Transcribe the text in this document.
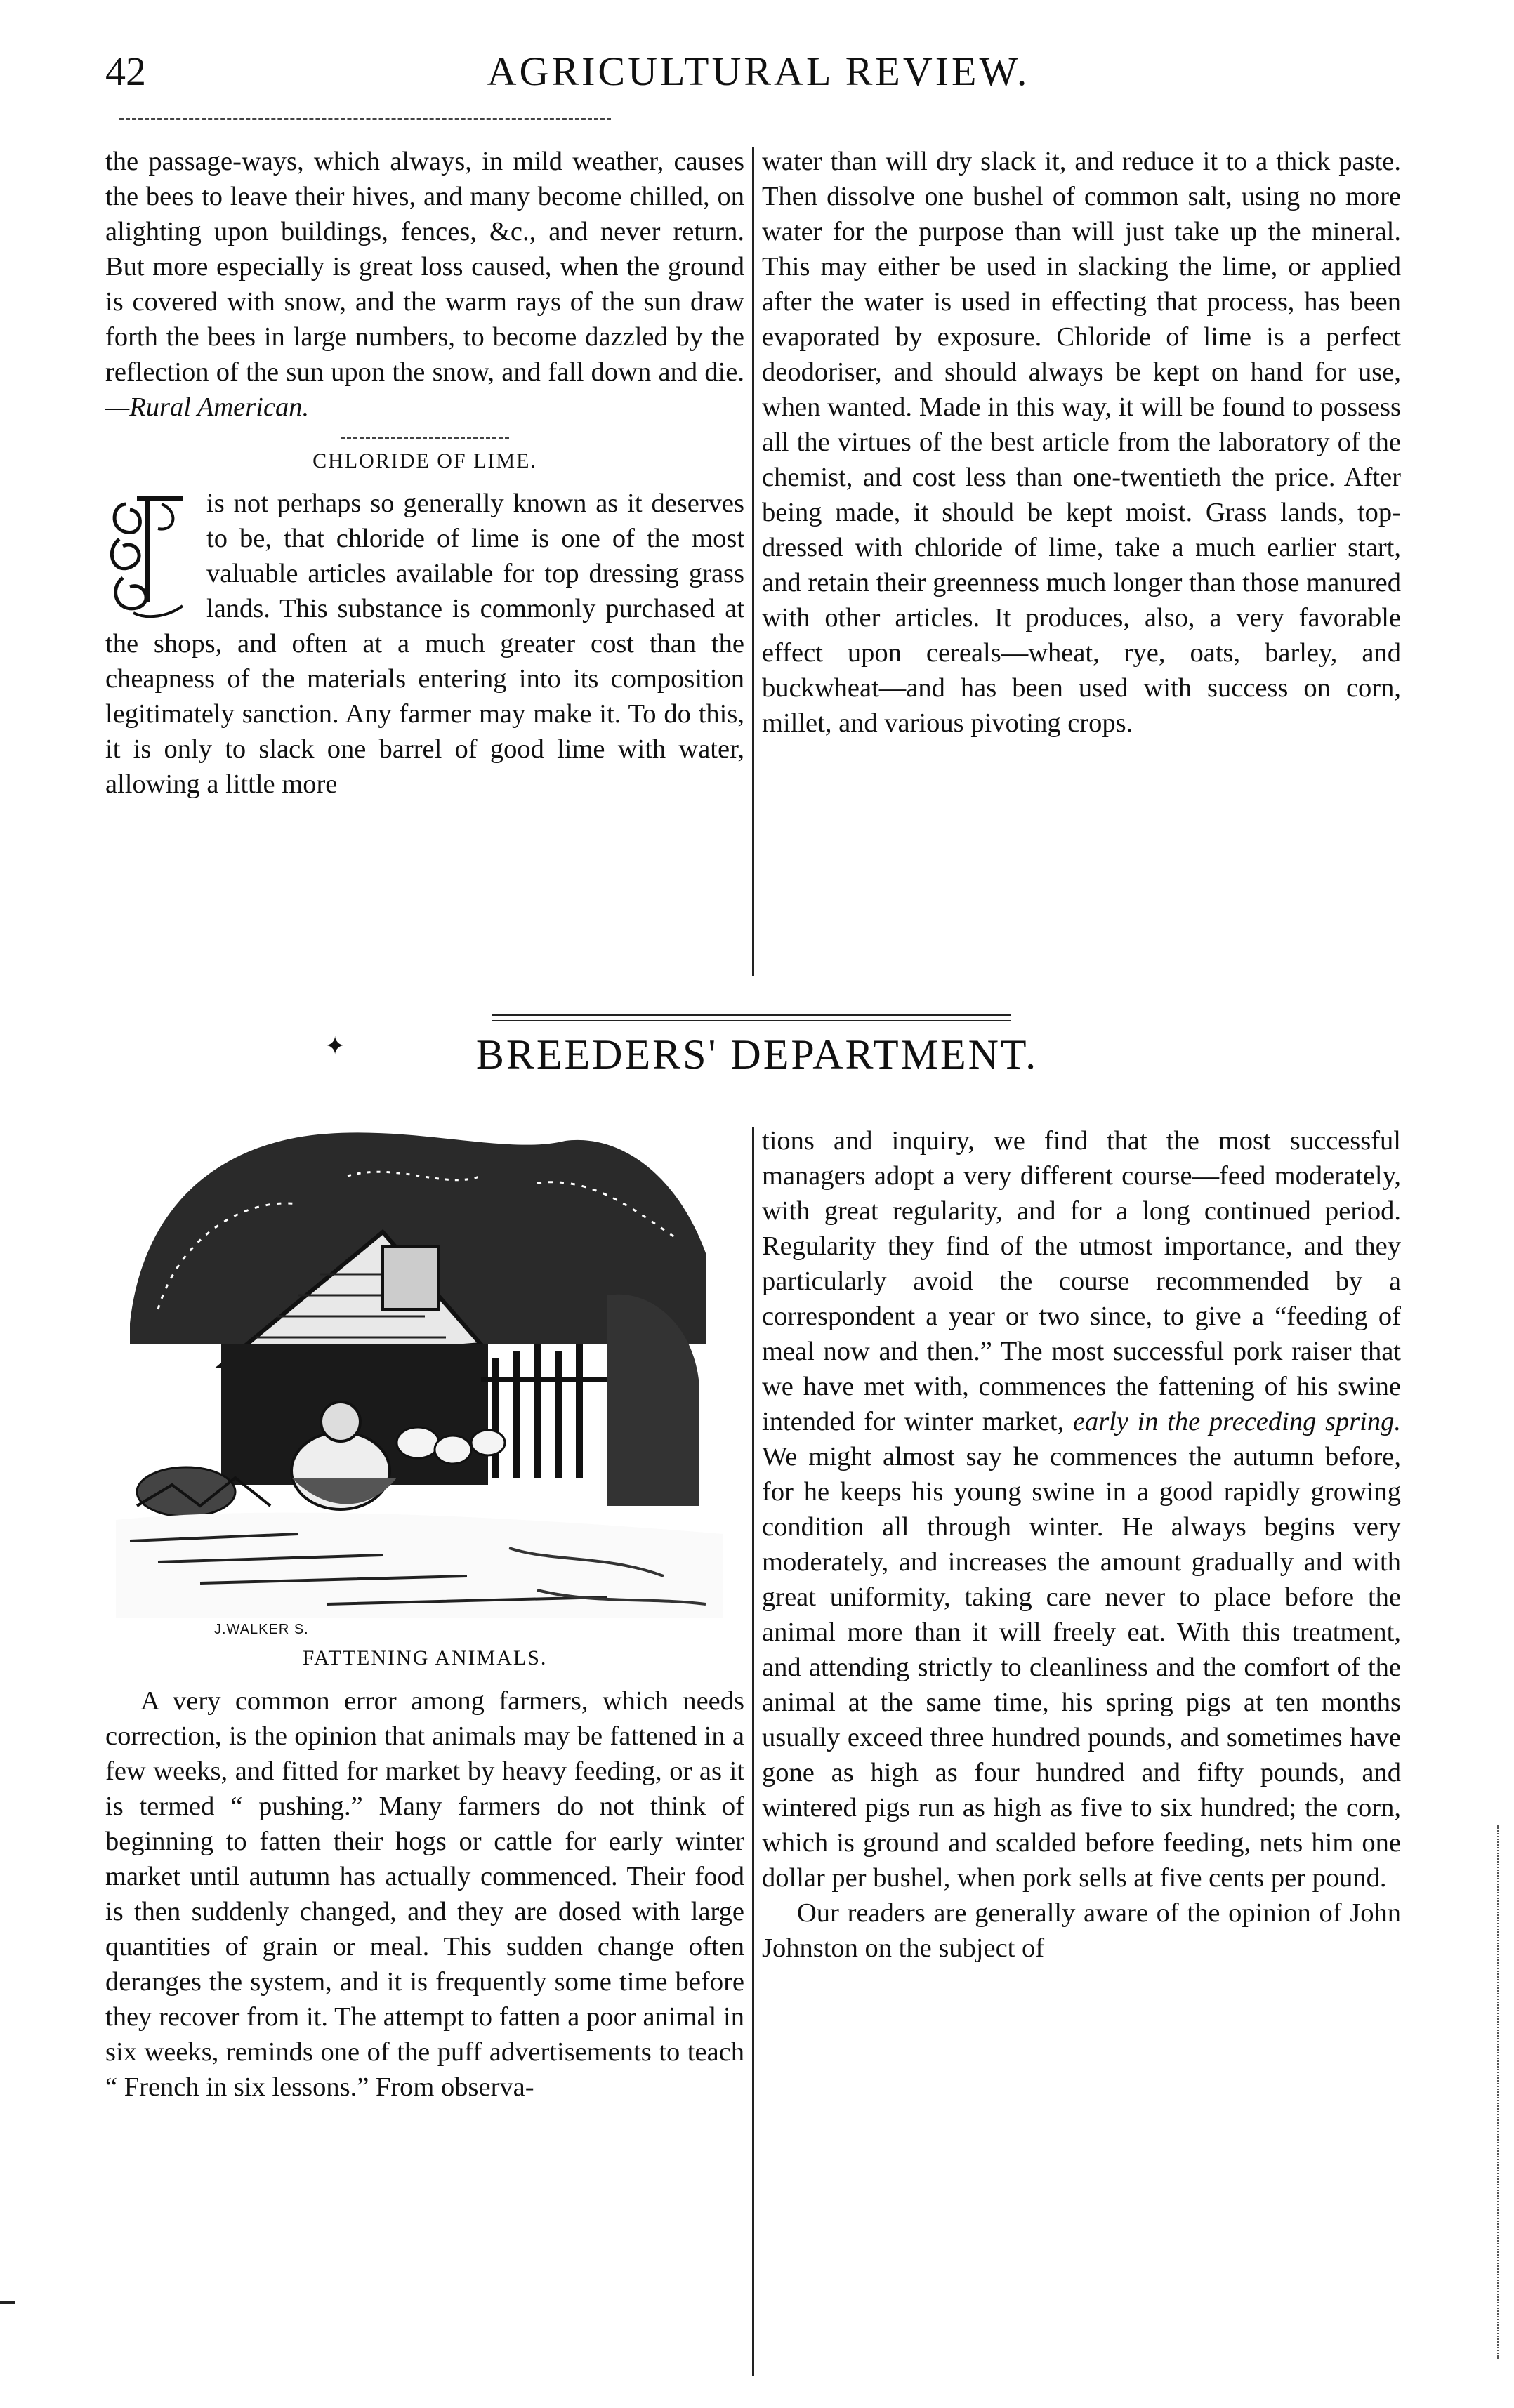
42	AGRICULTURAL REVIEW.

the passage-ways, which always, in mild weather, causes the bees to leave their hives, and many become chilled, on alighting upon buildings, fences, &c., and never return. But more especially is great loss caused, when the ground is covered with snow, and the warm rays of the sun draw forth the bees in large numbers, to become dazzled by the reflection of the sun upon the snow, and fall down and die.—Rural American.

CHLORIDE OF LIME.

is not perhaps so generally known as it deserves to be, that chloride of lime is one of the most valuable articles available for top dressing grass lands. This substance is commonly purchased at the shops, and often at a much greater cost than the cheapness of the materials entering into its composition legitimately sanction. Any farmer may make it. To do this, it is only to slack one barrel of good lime with water, allowing a little more

water than will dry slack it, and reduce it to a thick paste. Then dissolve one bushel of common salt, using no more water for the purpose than will just take up the mineral. This may either be used in slacking the lime, or applied after the water is used in effecting that process, has been evaporated by exposure. Chloride of lime is a perfect deodoriser, and should always be kept on hand for use, when wanted. Made in this way, it will be found to possess all the virtues of the best article from the laboratory of the chemist, and cost less than one-twentieth the price. After being made, it should be kept moist. Grass lands, top-dressed with chloride of lime, take a much earlier start, and retain their greenness much longer than those manured with other articles. It produces, also, a very favorable effect upon cereals—wheat, rye, oats, barley, and buckwheat—and has been used with success on corn, millet, and various pivoting crops.

✦	BREEDERS' DEPARTMENT.
J.WALKER S.
FATTENING ANIMALS.

A very common error among farmers, which needs correction, is the opinion that animals may be fattened in a few weeks, and fitted for market by heavy feeding, or as it is termed “ pushing.” Many farmers do not think of beginning to fatten their hogs or cattle for early winter market until autumn has actually commenced. Their food is then suddenly changed, and they are dosed with large quantities of grain or meal. This sudden change often deranges the system, and it is frequently some time before they recover from it. The attempt to fatten a poor animal in six weeks, reminds one of the puff advertisements to teach “ French in six lessons.” From observa-

tions and inquiry, we find that the most successful managers adopt a very different course—feed moderately, with great regularity, and for a long continued period. Regularity they find of the utmost importance, and they particularly avoid the course recommended by a correspondent a year or two since, to give a “feeding of meal now and then.” The most successful pork raiser that we have met with, commences the fattening of his swine intended for winter market, early in the preceding spring. We might almost say he commences the autumn before, for he keeps his young swine in a good rapidly growing condition all through winter. He always begins very moderately, and increases the amount gradually and with great uniformity, taking care never to place before the animal more than it will freely eat. With this treatment, and attending strictly to cleanliness and the comfort of the animal at the same time, his spring pigs at ten months usually exceed three hundred pounds, and sometimes have gone as high as four hundred and fifty pounds, and wintered pigs run as high as five to six hundred; the corn, which is ground and scalded before feeding, nets him one dollar per bushel, when pork sells at five cents per pound.

Our readers are generally aware of the opinion of John Johnston on the subject of
